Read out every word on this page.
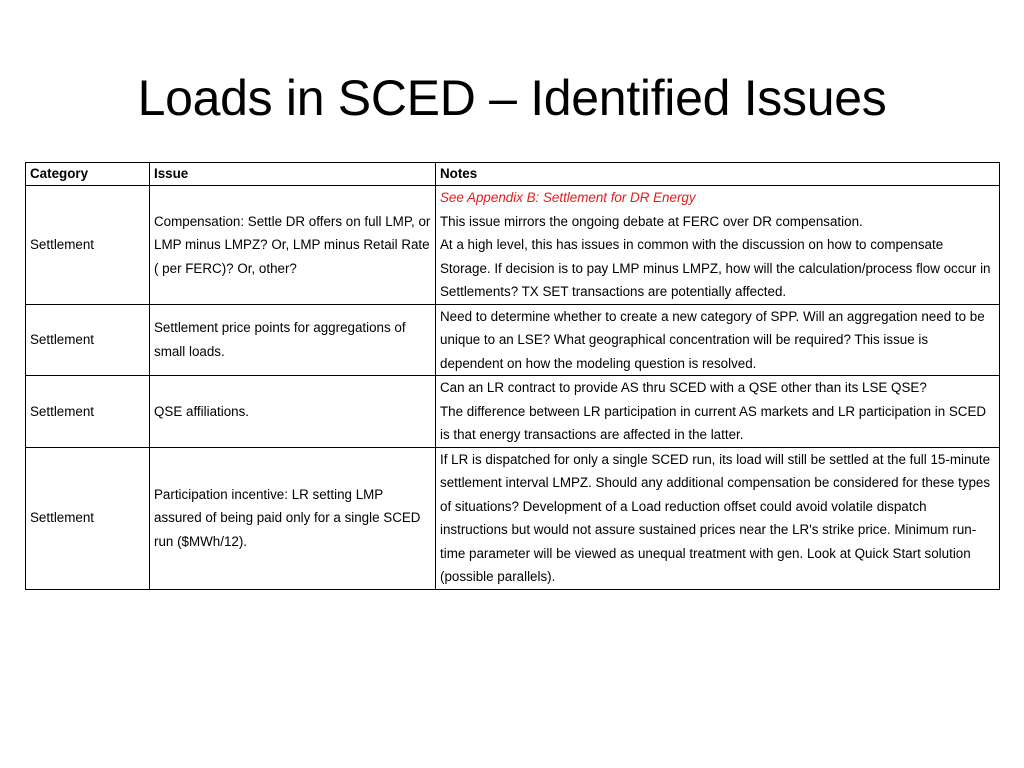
Loads in SCED – Identified Issues
Category	Issue	Notes
Settlement	Compensation: Settle DR offers on full LMP, or LMP minus LMPZ? Or, LMP minus Retail Rate ( per FERC)? Or, other?	See Appendix B: Settlement for DR Energy
This issue mirrors the ongoing debate at FERC over DR compensation.
At a high level, this has issues in common with the discussion on how to compensate Storage. If decision is to pay LMP minus LMPZ, how will the calculation/process flow occur in Settlements? TX SET transactions are potentially affected.

Settlement	Settlement price points for aggregations of small loads.	Need to determine whether to create a new category of SPP. Will an aggregation need to be unique to an LSE? What geographical concentration will be required? This issue is dependent on how the modeling question is resolved.

Settlement	QSE affiliations.	Can an LR contract to provide AS thru SCED with a QSE other than its LSE QSE?
The difference between LR participation in current AS markets and LR participation in SCED is that energy transactions are affected in the latter.

Settlement	Participation incentive: LR setting LMP assured of being paid only for a single SCED run ($MWh/12).	If LR is dispatched for only a single SCED run, its load will still be settled at the full 15-minute settlement interval LMPZ. Should any additional compensation be considered for these types of situations? Development of a Load reduction offset could avoid volatile dispatch instructions but would not assure sustained prices near the LR's strike price. Minimum run-time parameter will be viewed as unequal treatment with gen. Look at Quick Start solution (possible parallels).
